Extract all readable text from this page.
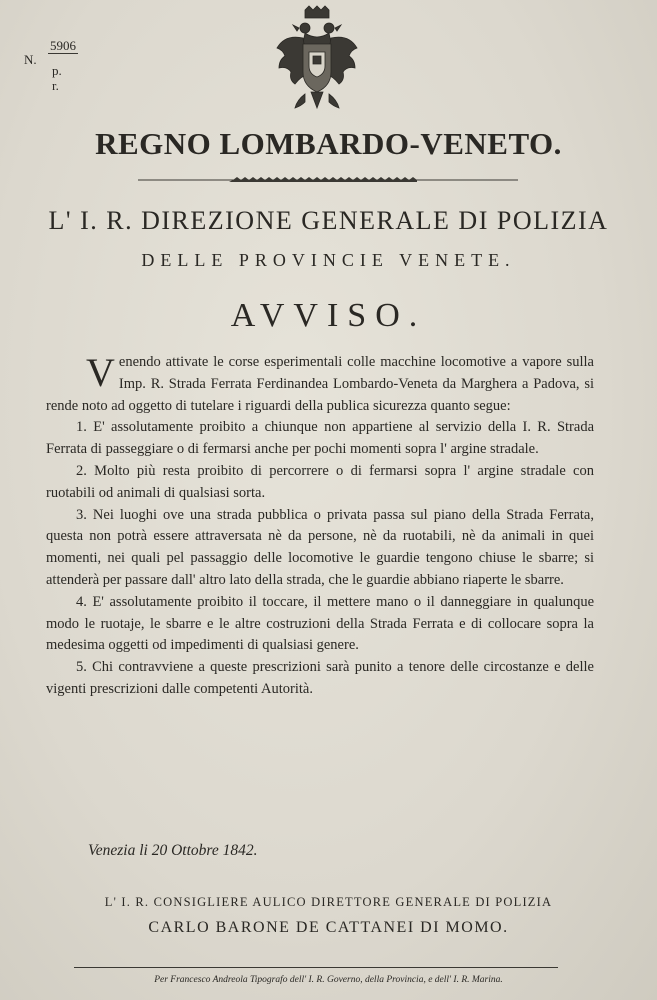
N.
5906
p. r.
REGNO LOMBARDO-VENETO.
L' I. R. DIREZIONE GENERALE DI POLIZIA
DELLE PROVINCIE VENETE.
AVVISO.

Venendo attivate le corse esperimentali colle macchine locomotive a vapore sulla Imp. R. Strada Ferrata Ferdinandea Lombardo-Veneta da Marghera a Padova, si rende noto ad oggetto di tutelare i riguardi della publica sicurezza quanto segue:

1. E' assolutamente proibito a chiunque non appartiene al servizio della I. R. Strada Ferrata di passeggiare o di fermarsi anche per pochi momenti sopra l' argine stradale.

2. Molto più resta proibito di percorrere o di fermarsi sopra l' argine stradale con ruotabili od animali di qualsiasi sorta.

3. Nei luoghi ove una strada pubblica o privata passa sul piano della Strada Ferrata, questa non potrà essere attraversata nè da persone, nè da ruotabili, nè da animali in quei momenti, nei quali pel passaggio delle locomotive le guardie tengono chiuse le sbarre; si attenderà per passare dall' altro lato della strada, che le guardie abbiano riaperte le sbarre.

4. E' assolutamente proibito il toccare, il mettere mano o il danneggiare in qualunque modo le ruotaje, le sbarre e le altre costruzioni della Strada Ferrata e di collocare sopra la medesima oggetti od impedimenti di qualsiasi genere.

5. Chi contravviene a queste prescrizioni sarà punito a tenore delle circostanze e delle vigenti prescrizioni dalle competenti Autorità.

Venezia li 20 Ottobre 1842.
L' I. R. CONSIGLIERE AULICO DIRETTORE GENERALE DI POLIZIA
CARLO BARONE DE CATTANEI DI MOMO.
Per Francesco Andreola Tipografo dell' I. R. Governo, della Provincia, e dell' I. R. Marina.
